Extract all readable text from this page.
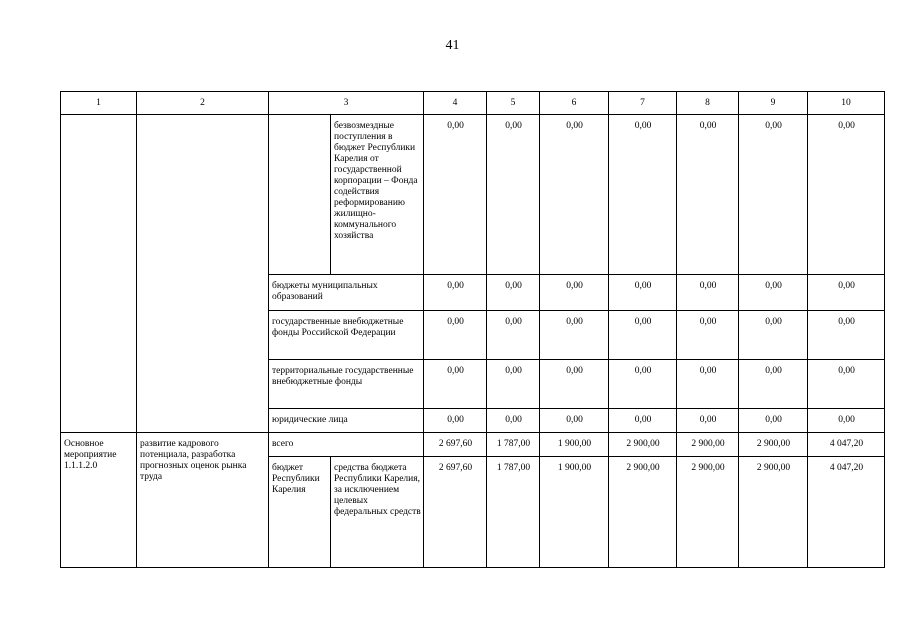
41
1	2	3		4	5	6	7	8	9	10
			безвозмездные поступления в бюджет Республики Карелия от государственной корпорации – Фонда содействия реформированию жилищно-коммунального хозяйства	0,00	0,00	0,00	0,00	0,00	0,00	0,00
		бюджеты муниципальных образований		0,00	0,00	0,00	0,00	0,00	0,00	0,00
		государственные внебюджетные фонды Российской Федерации		0,00	0,00	0,00	0,00	0,00	0,00	0,00
		территориальные государственные внебюджетные фонды		0,00	0,00	0,00	0,00	0,00	0,00	0,00
		юридические лица		0,00	0,00	0,00	0,00	0,00	0,00	0,00
Основное мероприятие 1.1.1.2.0	развитие кадрового потенциала, разработка прогнозных оценок рынка труда	всего		2 697,60	1 787,00	1 900,00	2 900,00	2 900,00	2 900,00	4 047,20
		бюджет Республики Карелия	средства бюджета Республики Карелия, за исключением целевых федеральных средств	2 697,60	1 787,00	1 900,00	2 900,00	2 900,00	2 900,00	4 047,20
